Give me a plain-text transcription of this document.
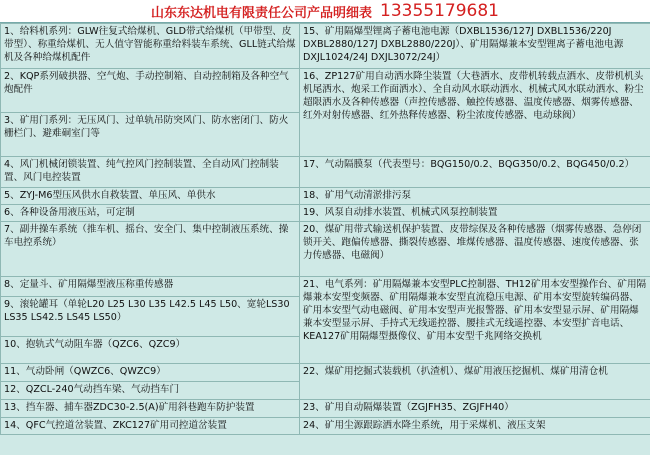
山东东达机电有限责任公司产品明细表 13355179681
1、给料机系列：GLW往复式给煤机、GLD带式给煤机（甲带型、皮带型）、称重给煤机、无人值守智能称重给料装车系统、GLL链式给煤机及各种给煤机配件	15、矿用隔爆型锂离子蓄电池电源（DXBL1536/127J DXBL1536/220J DXBL2880/127J DXBL2880/220J）、矿用隔爆兼本安型锂离子蓄电池电源 DXJL1024/24J DXJL3072/24J）
2、KQP系列破拱器、空气炮、手动控制箱、自动控制箱及各种空气炮配件	16、ZP127矿用自动洒水降尘装置（大巷洒水、皮带机转载点洒水、皮带机机头机尾洒水、炮采工作面洒水）、全自动风水联动洒水、机械式风水联动洒水、粉尘超限洒水及各种传感器（声控传感器、触控传感器、温度传感器、烟雾传感器、红外对射传感器、红外热释传感器、粉尘浓度传感器、电动球阀）
3、矿用门系列：无压风门、过单轨吊防突风门、防水密闭门、防火栅栏门、避难硐室门等	
4、风门机械闭锁装置、纯气控风门控制装置、全自动风门控制装置、风门电控装置	17、气动隔膜泵（代表型号：BQG150/0.2、BQG350/0.2、BQG450/0.2）
5、ZYJ-M6型压风供水自救装置、单压风、单供水	18、矿用气动清淤排污泵
6、各种设备用液压站，可定制	19、风泵自动排水装置、机械式风泵控制装置
7、副井操车系统（推车机、摇台、安全门、集中控制液压系统、操车电控系统）	20、煤矿用带式输送机保护装置、皮带综保及各种传感器（烟雾传感器、急停闭锁开关、跑偏传感器、撕裂传感器、堆煤传感器、温度传感器、速度传感器、张力传感器、电磁阀）
8、定量斗、矿用隔爆型液压称重传感器	21、电气系列：矿用隔爆兼本安型PLC控制器、TH12矿用本安型操作台、矿用隔爆兼本安型变频器、矿用隔爆兼本安型直流稳压电源、矿用本安型旋转编码器、矿用本安型气动电磁阀、矿用本安型声光报警器、矿用本安型显示屏、矿用隔爆兼本安型显示屏、手持式无线遥控器、腰挂式无线遥控器、本安型扩音电话、KEA127矿用隔爆型摄像仪、矿用本安型千兆网络交换机
9、滚轮罐耳（单轮L20 L25 L30 L35 L42.5 L45 L50、宽轮LS30 LS35 LS42.5 LS45 LS50）	
10、抱轨式气动阻车器（QZC6、QZC9）	
11、气动卧闸（QWZC6、QWZC9）	22、煤矿用挖掘式装载机（扒渣机）、煤矿用液压挖掘机、煤矿用清仓机
12、QZCL-240气动挡车梁、气动挡车门	
13、挡车器、捕车器ZDC30-2.5(A)矿用斜巷跑车防护装置	23、矿用自动隔爆装置（ZGJFH35、ZGJFH40）
14、QFC气控道岔装置、ZKC127矿用司控道岔装置	24、矿用尘源跟踪洒水降尘系统，用于采煤机、液压支架
